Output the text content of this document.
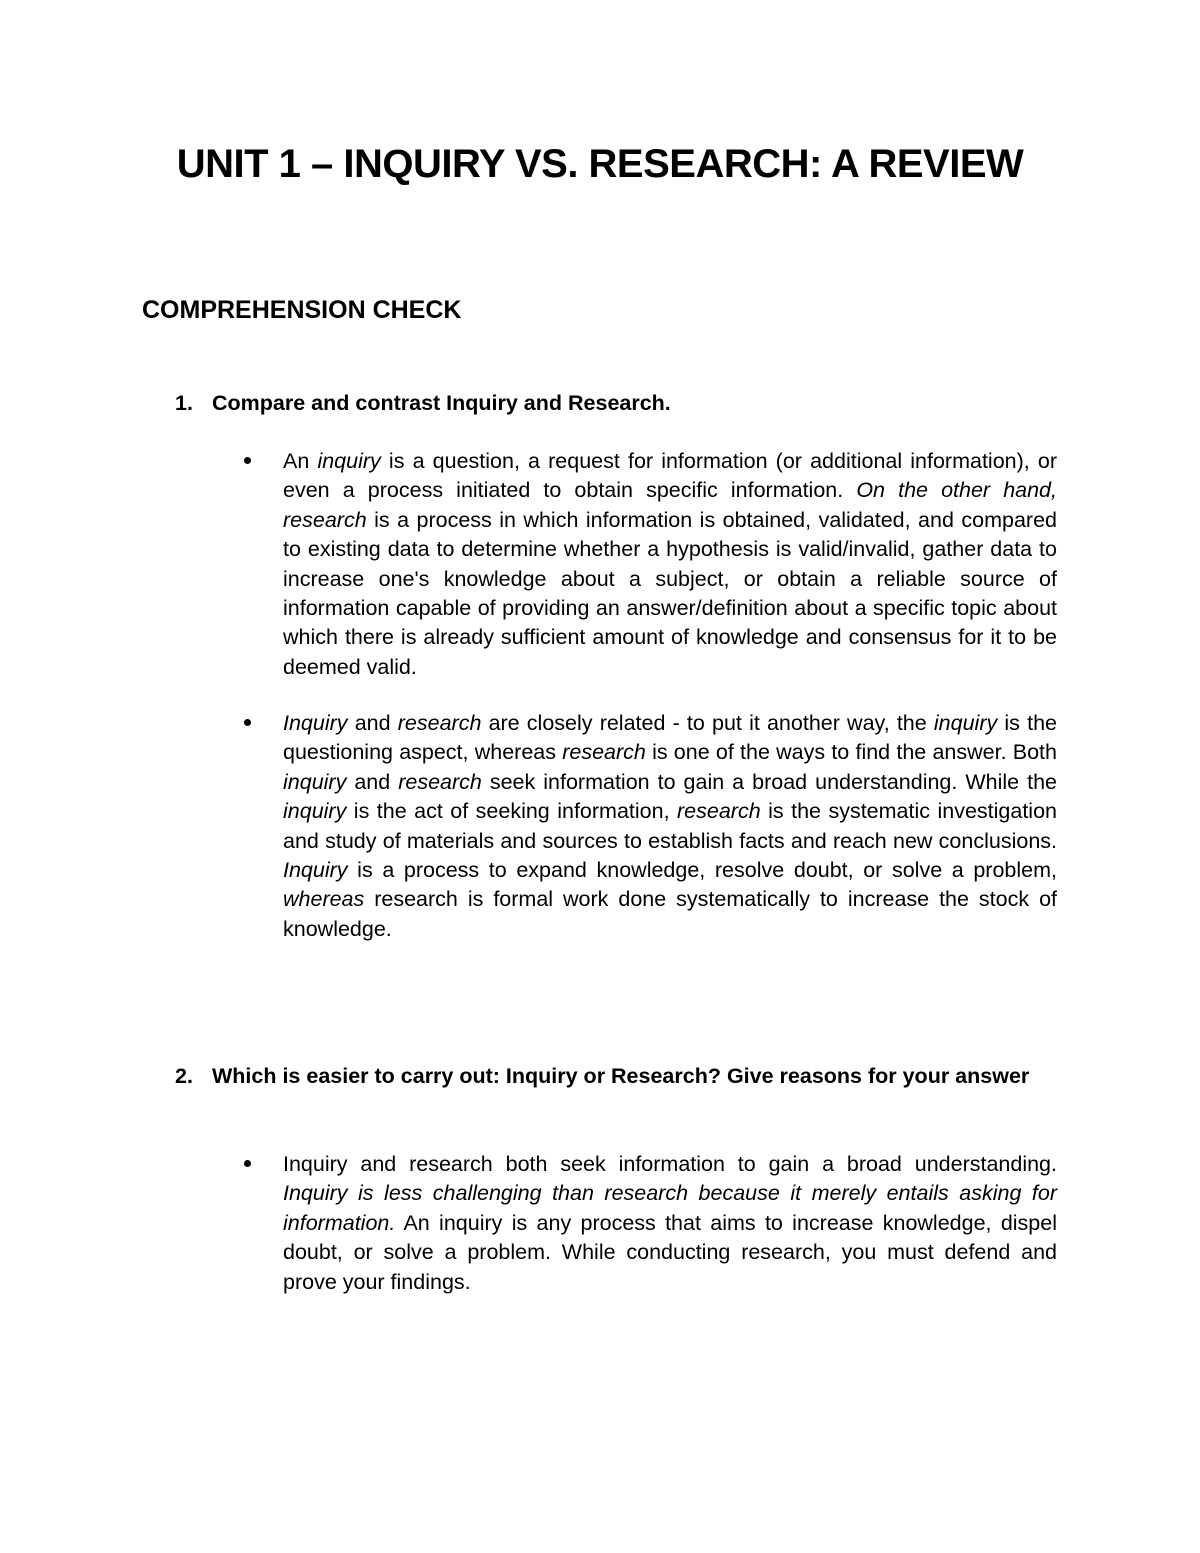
UNIT 1 – INQUIRY VS. RESEARCH: A REVIEW
COMPREHENSION CHECK
1. Compare and contrast Inquiry and Research.
An inquiry is a question, a request for information (or additional information), or even a process initiated to obtain specific information. On the other hand, research is a process in which information is obtained, validated, and compared to existing data to determine whether a hypothesis is valid/invalid, gather data to increase one's knowledge about a subject, or obtain a reliable source of information capable of providing an answer/definition about a specific topic about which there is already sufficient amount of knowledge and consensus for it to be deemed valid.
Inquiry and research are closely related - to put it another way, the inquiry is the questioning aspect, whereas research is one of the ways to find the answer. Both inquiry and research seek information to gain a broad understanding. While the inquiry is the act of seeking information, research is the systematic investigation and study of materials and sources to establish facts and reach new conclusions. Inquiry is a process to expand knowledge, resolve doubt, or solve a problem, whereas research is formal work done systematically to increase the stock of knowledge.
2. Which is easier to carry out: Inquiry or Research? Give reasons for your answer
Inquiry and research both seek information to gain a broad understanding. Inquiry is less challenging than research because it merely entails asking for information. An inquiry is any process that aims to increase knowledge, dispel doubt, or solve a problem. While conducting research, you must defend and prove your findings.
